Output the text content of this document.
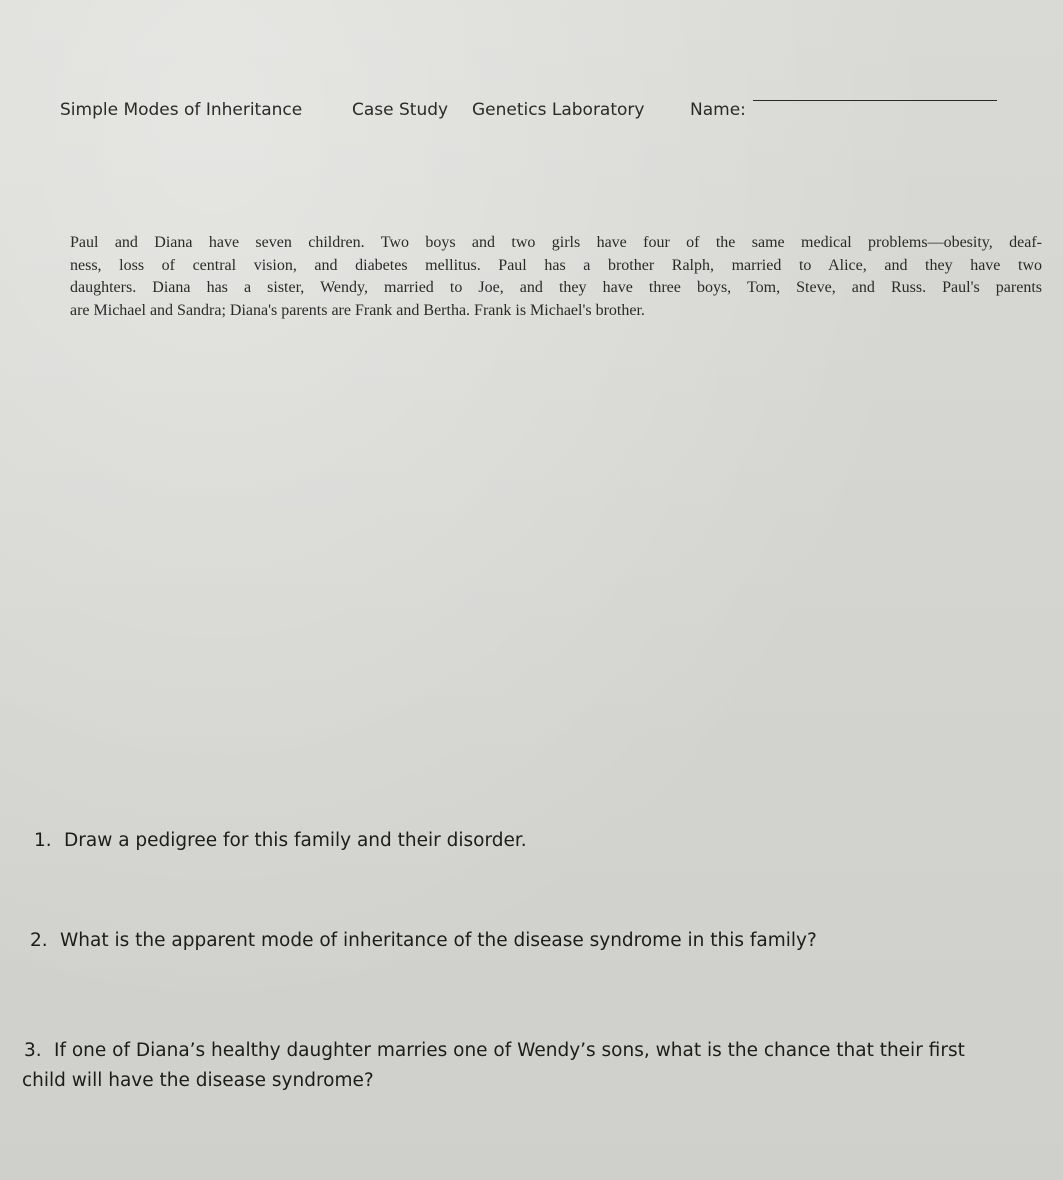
Simple Modes of Inheritance	Case Study Genetics Laboratory	Name:
Paul and Diana have seven children. Two boys and two girls have four of the same medical problems—obesity, deaf-
ness, loss of central vision, and diabetes mellitus. Paul has a brother Ralph, married to Alice, and they have two
daughters. Diana has a sister, Wendy, married to Joe, and they have three boys, Tom, Steve, and Russ. Paul's parents
are Michael and Sandra; Diana's parents are Frank and Bertha. Frank is Michael's brother.
1. Draw a pedigree for this family and their disorder.
2. What is the apparent mode of inheritance of the disease syndrome in this family?
3. If one of Diana’s healthy daughter marries one of Wendy’s sons, what is the chance that their first
child will have the disease syndrome?
